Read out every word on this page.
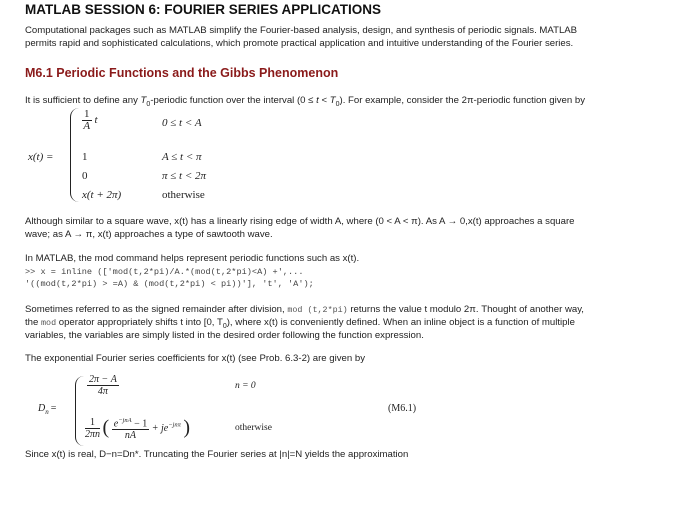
MATLAB SESSION 6: FOURIER SERIES APPLICATIONS
Computational packages such as MATLAB simplify the Fourier-based analysis, design, and synthesis of periodic signals. MATLAB
permits rapid and sophisticated calculations, which promote practical application and intuitive understanding of the Fourier series.
M6.1 Periodic Functions and the Gibbs Phenomenon
It is sufficient to define any $T_0$-periodic function over the interval $(0 \le t < T_0)$. For example, consider the 2π-periodic function given by
x(t) =
$\frac{1}{A}$ t	0 ≤ t < A
1	A ≤ t < π
0	π ≤ t < 2π
x(t + 2π)	otherwise
Although similar to a square wave, x(t) has a linearly rising edge of width A, where (0 < A < π). As A → 0,x(t) approaches a square
wave; as A → π, x(t) approaches a type of sawtooth wave.
In MATLAB, the mod command helps represent periodic functions such as x(t).
>> x = inline (['mod(t,2*pi)/A.*(mod(t,2*pi)<A) +',...
'((mod(t,2*pi) > =A) & (mod(t,2*pi) < pi))'], 't', 'A');
Sometimes referred to as the signed remainder after division, mod (t,2*pi) returns the value t modulo 2π. Thought of another way,
the mod operator appropriately shifts t into [0, $T_0$), where x(t) is conveniently defined. When an inline object is a function of multiple
variables, the variables are simply listed in the desired order following the function expression.
The exponential Fourier series coefficients for x(t) (see Prob. 6.3-2) are given by
$D_n$ =
$\frac{2\pi - A}{4\pi}$	n = 0
$\frac{1}{2\pi n}$ ( $\frac{e^{-jnA} - 1}{nA} + je^{-jn\pi}$ )	otherwise
(M6.1)
Since x(t) is real, D−n=Dn*. Truncating the Fourier series at |n|=N yields the approximation
